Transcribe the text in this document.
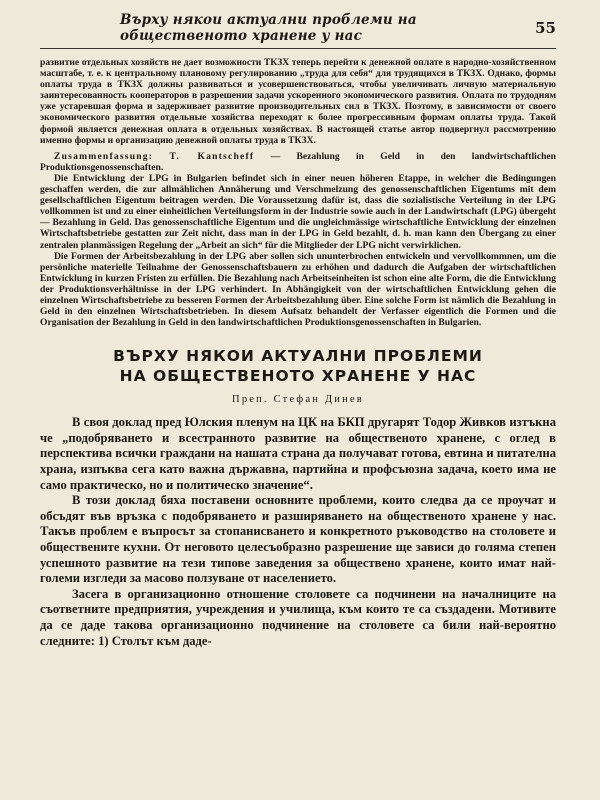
Върху някои актуални проблеми на общественото хранене у нас	55

развитие отдельных хозяйств не дает возможности ТКЗХ теперь перейти к денежной оплате в народно-хозяйственном масштабе, т. е. к центральному плановому регулированию „труда для себя“ для трудящихся в ТКЗХ. Однако, формы оплаты труда в ТКЗХ должны развиваться и усовершенствоваться, чтобы увеличивать личную материальную заинтересованность кооператоров в разрешении задачи ускоренного экономического развития. Оплата по трудодням уже устаревшая форма и задерживает развитие производительных сил в ТКЗХ. Поэтому, в зависимости от своего экономического развития отдельные хозяйства переходят к более прогрессивным формам оплаты труда. Такой формой является денежная оплата в отдельных хозяйствах. В настоящей статье автор подвергнул рассмотрению именно формы и организацию денежной оплаты труда в ТКЗХ.

Zusammenfassung: T. Kantscheff — Bezahlung in Geld in den landwirtschaftlichen Produktionsgenossenschaften.

Die Entwicklung der LPG in Bulgarien befindet sich in einer neuen höheren Etappe, in welcher die Bedingungen geschaffen werden, die zur allmählichen Annäherung und Verschmelzung des genossenschaftlichen Eigentums mit dem gesellschaftlichen Eigentum beitragen werden. Die Voraussetzung dafür ist, dass die sozialistische Verteilung in der LPG vollkommen ist und zu einer einheitlichen Verteilungsform in der Industrie sowie auch in der Landwirtschaft (LPG) übergeht — Bezahlung in Geld. Das genossenschaftliche Eigentum und die ungleichmässige wirtschaftliche Entwicklung der einzelnen Wirtschaftsbetriebe gestatten zur Zeit nicht, dass man in der LPG in Geld bezahlt, d. h. man kann den Übergang zu einer zentralen planmässigen Regelung der „Arbeit an sich“ für die Mitglieder der LPG nicht verwirklichen.

Die Formen der Arbeitsbezahlung in der LPG aber sollen sich ununterbrochen entwickeln und vervollkommnen, um die persönliche materielle Teilnahme der Genossenschaftsbauern zu erhöhen und dadurch die Aufgaben der wirtschaftlichen Entwicklung in kurzen Fristen zu erfüllen. Die Bezahlung nach Arbeitseinheiten ist schon eine alte Form, die die Entwicklung der Produktionsverhältnisse in der LPG verhindert. In Abhängigkeit von der wirtschaftlichen Entwicklung gehen die einzelnen Wirtschaftsbetriebe zu besseren Formen der Arbeitsbezahlung über. Eine solche Form ist nämlich die Bezahlung in Geld in den einzelnen Wirtschaftsbetrieben. In diesem Aufsatz behandelt der Verfasser eigentlich die Formen und die Organisation der Bezahlung in Geld in den landwirtschaftlichen Produktionsgenossenschaften in Bulgarien.

ВЪРХУ НЯКОИ АКТУАЛНИ ПРОБЛЕМИ
НА ОБЩЕСТВЕНОТО ХРАНЕНЕ У НАС
Преп. Стефан Динев

В своя доклад пред Юлския пленум на ЦК на БКП другарят Тодор Живков изтъкна че „подобряването и всестранното развитие на общественото хранене, с оглед в перспектива всички граждани на нашата страна да получават готова, евтина и питателна храна, изпъква сега като важна държавна, партийна и профсъюзна задача, което има не само практическо, но и политическо значение“.

В този доклад бяха поставени основните проблеми, които следва да се проучат и обсъдят във връзка с подобряването и разширяването на общественото хранене у нас. Такъв проблем е въпросът за стопанисването и конкретното ръководство на столовете и обществените кухни. От неговото целесъобразно разрешение ще зависи до голяма степен успешното развитие на тези типове заведения за обществено хранене, които имат най-големи изгледи за масово ползуване от населението.

Засега в организационно отношение столовете са подчинени на началниците на съответните предприятия, учреждения и училища, към които те са създадени. Мотивите да се даде такова организационно подчинение на столовете са били най-вероятно следните: 1) Столът към даде-
